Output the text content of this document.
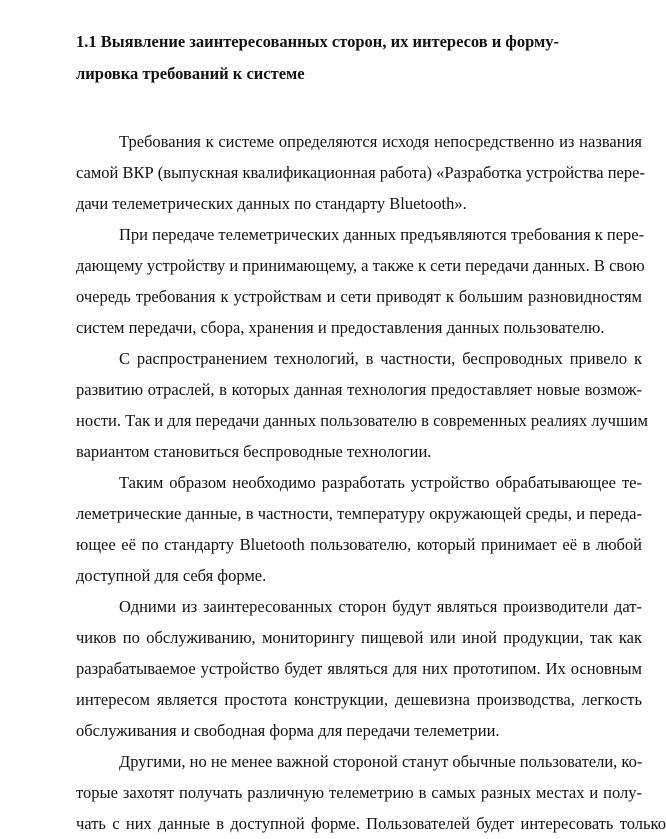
1.1 Выявление заинтересованных сторон, их интересов и форму-
лировка требований к системе
Требования к системе определяются исходя непосредственно из названия
самой ВКР (выпускная квалификационная работа) «Разработка устройства пере-
дачи телеметрических данных по стандарту Bluetooth».
При передаче телеметрических данных предъявляются требования к пере-
дающему устройству и принимающему, а также к сети передачи данных. В свою
очередь требования к устройствам и сети приводят к большим разновидностям
систем передачи, сбора, хранения и предоставления данных пользователю.
С распространением технологий, в частности, беспроводных привело к
развитию отраслей, в которых данная технология предоставляет новые возмож-
ности. Так и для передачи данных пользователю в современных реалиях лучшим
вариантом становиться беспроводные технологии.
Таким образом необходимо разработать устройство обрабатывающее те-
леметрические данные, в частности, температуру окружающей среды, и переда-
ющее её по стандарту Bluetooth пользователю, который принимает её в любой
доступной для себя форме.
Одними из заинтересованных сторон будут являться производители дат-
чиков по обслуживанию, мониторингу пищевой или иной продукции, так как
разрабатываемое устройство будет являться для них прототипом. Их основным
интересом является простота конструкции, дешевизна производства, легкость
обслуживания и свободная форма для передачи телеметрии.
Другими, но не менее важной стороной станут обычные пользователи, ко-
торые захотят получать различную телеметрию в самых разных местах и полу-
чать с них данные в доступной форме. Пользователей будет интересовать только
